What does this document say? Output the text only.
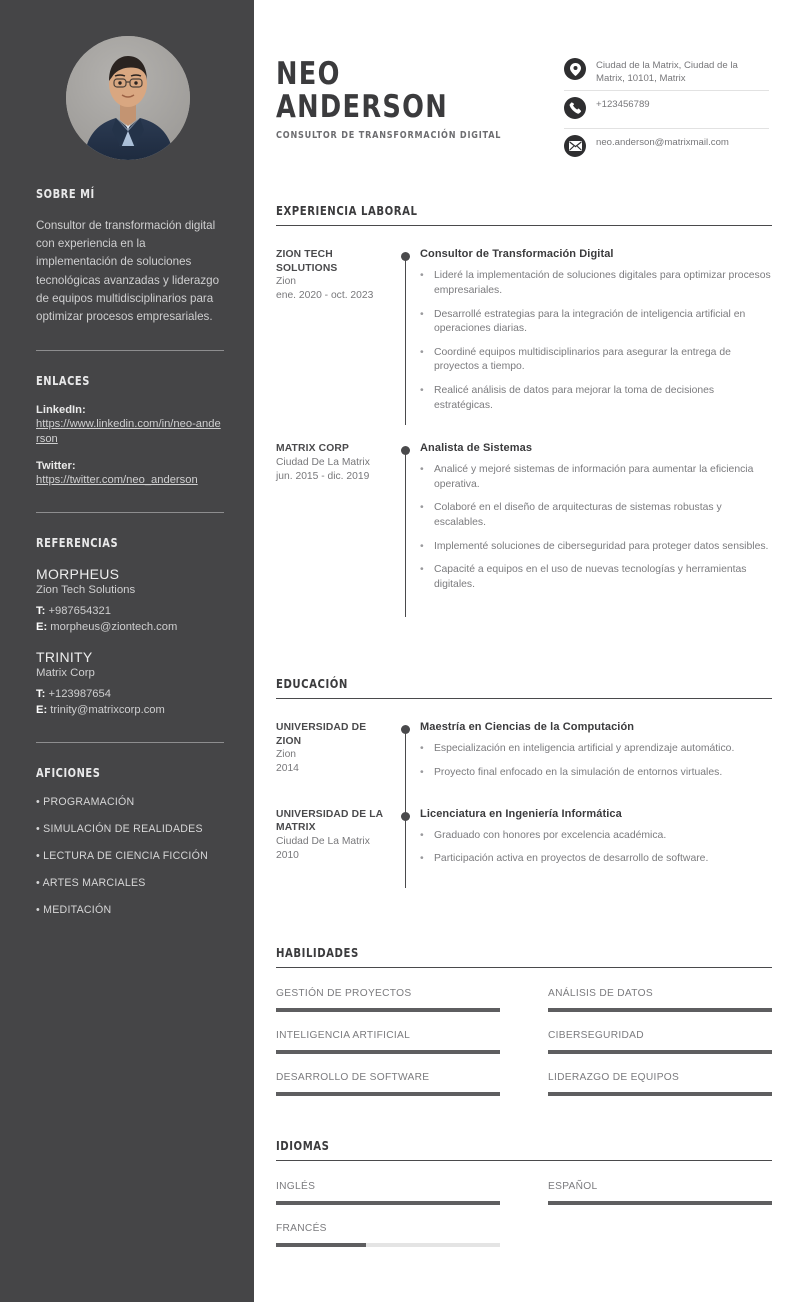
SOBRE MÍ

Consultor de transformación digital con experiencia en la implementación de soluciones tecnológicas avanzadas y liderazgo de equipos multidisciplinarios para optimizar procesos empresariales.

ENLACES
LinkedIn:
https://www.linkedin.com/in/neo-anderson
Twitter:
https://twitter.com/neo_anderson
REFERENCIAS
MORPHEUS
Zion Tech Solutions

T: +987654321

E: morpheus@ziontech.com

TRINITY
Matrix Corp

T: +123987654

E: trinity@matrixcorp.com

AFICIONES

• PROGRAMACIÓN

• SIMULACIÓN DE REALIDADES

• LECTURA DE CIENCIA FICCIÓN

• ARTES MARCIALES

• MEDITACIÓN

NEO
ANDERSON
CONSULTOR DE TRANSFORMACIÓN DIGITAL
Ciudad de la Matrix, Ciudad de la Matrix, 10101, Matrix
+123456789
neo.anderson@matrixmail.com
EXPERIENCIA LABORAL
ZION TECH SOLUTIONS
Zion
ene. 2020 - oct. 2023
Consultor de Transformación Digital
• Lideré la implementación de soluciones digitales para optimizar procesos empresariales.
• Desarrollé estrategias para la integración de inteligencia artificial en operaciones diarias.
• Coordiné equipos multidisciplinarios para asegurar la entrega de proyectos a tiempo.
• Realicé análisis de datos para mejorar la toma de decisiones estratégicas.
MATRIX CORP
Ciudad De La Matrix
jun. 2015 - dic. 2019
Analista de Sistemas
• Analicé y mejoré sistemas de información para aumentar la eficiencia operativa.
• Colaboré en el diseño de arquitecturas de sistemas robustas y escalables.
• Implementé soluciones de ciberseguridad para proteger datos sensibles.
• Capacité a equipos en el uso de nuevas tecnologías y herramientas digitales.
EDUCACIÓN
UNIVERSIDAD DE ZION
Zion
2014
Maestría en Ciencias de la Computación
• Especialización en inteligencia artificial y aprendizaje automático.
• Proyecto final enfocado en la simulación de entornos virtuales.
UNIVERSIDAD DE LA MATRIX
Ciudad De La Matrix
2010
Licenciatura en Ingeniería Informática
• Graduado con honores por excelencia académica.
• Participación activa en proyectos de desarrollo de software.
HABILIDADES
GESTIÓN DE PROYECTOS	ANÁLISIS DE DATOS
INTELIGENCIA ARTIFICIAL	CIBERSEGURIDAD
DESARROLLO DE SOFTWARE	LIDERAZGO DE EQUIPOS
IDIOMAS
INGLÉS	ESPAÑOL
FRANCÉS
